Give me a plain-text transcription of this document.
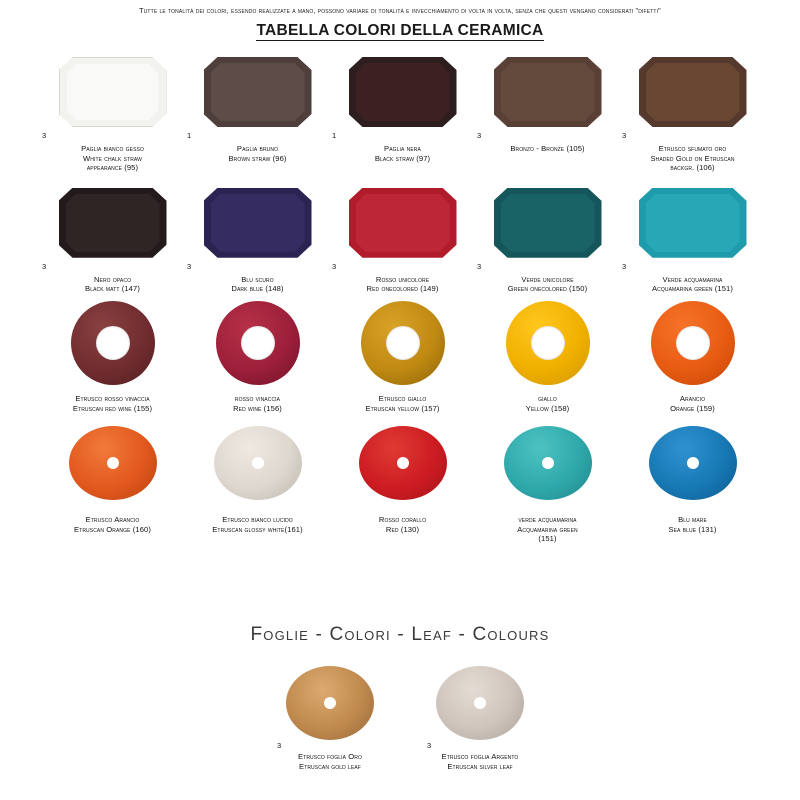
Tutte le tonalità dei colori, essendo realizzate a mano, possono variare di tonalità e invecchiamento di volta in volta, senza che questi vengano considerati "difetti"
TABELLA COLORI DELLA CERAMICA
3
Paglia bianco gesso
White chalk straw
appearance (95)
1
Paglia bruno
Brown straw (96)
1
Paglia nera
Black straw (97)
3
Bronzo - Bronze (105)
3
Etrusco sfumato oro
Shaded Gold on Etruscan
backgr. (106)
3
Nero opaco
Black matt (147)
3
Blu scuro
Dark blue (148)
3
Rosso unicolore
Red onecolored (149)
3
Verde unicolore
Green onecolored (150)
3
Verde acquamarina
Acquamarina green (151)
Etrusco rosso vinaccia
Etruscan red wine (155)
rosso vinaccia
Red wine (156)
Etrusco giallo
Etruscan yellow (157)
giallo
Yellow (158)
Arancio
Orange (159)
Etrusco Arancio
Etruscan Orange (160)
Etrusco bianco lucido
Etruscan glossy white(161)
Rosso corallo
Red (130)
verde acquamarina
Acquamarina green
(151)
Blu mare
Sea blue (131)
Foglie - Colori - Leaf - Colours
3
Etrusco foglia Oro
Etruscan gold leaf
3
Etrusco foglia Argento
Etruscan silver leaf
